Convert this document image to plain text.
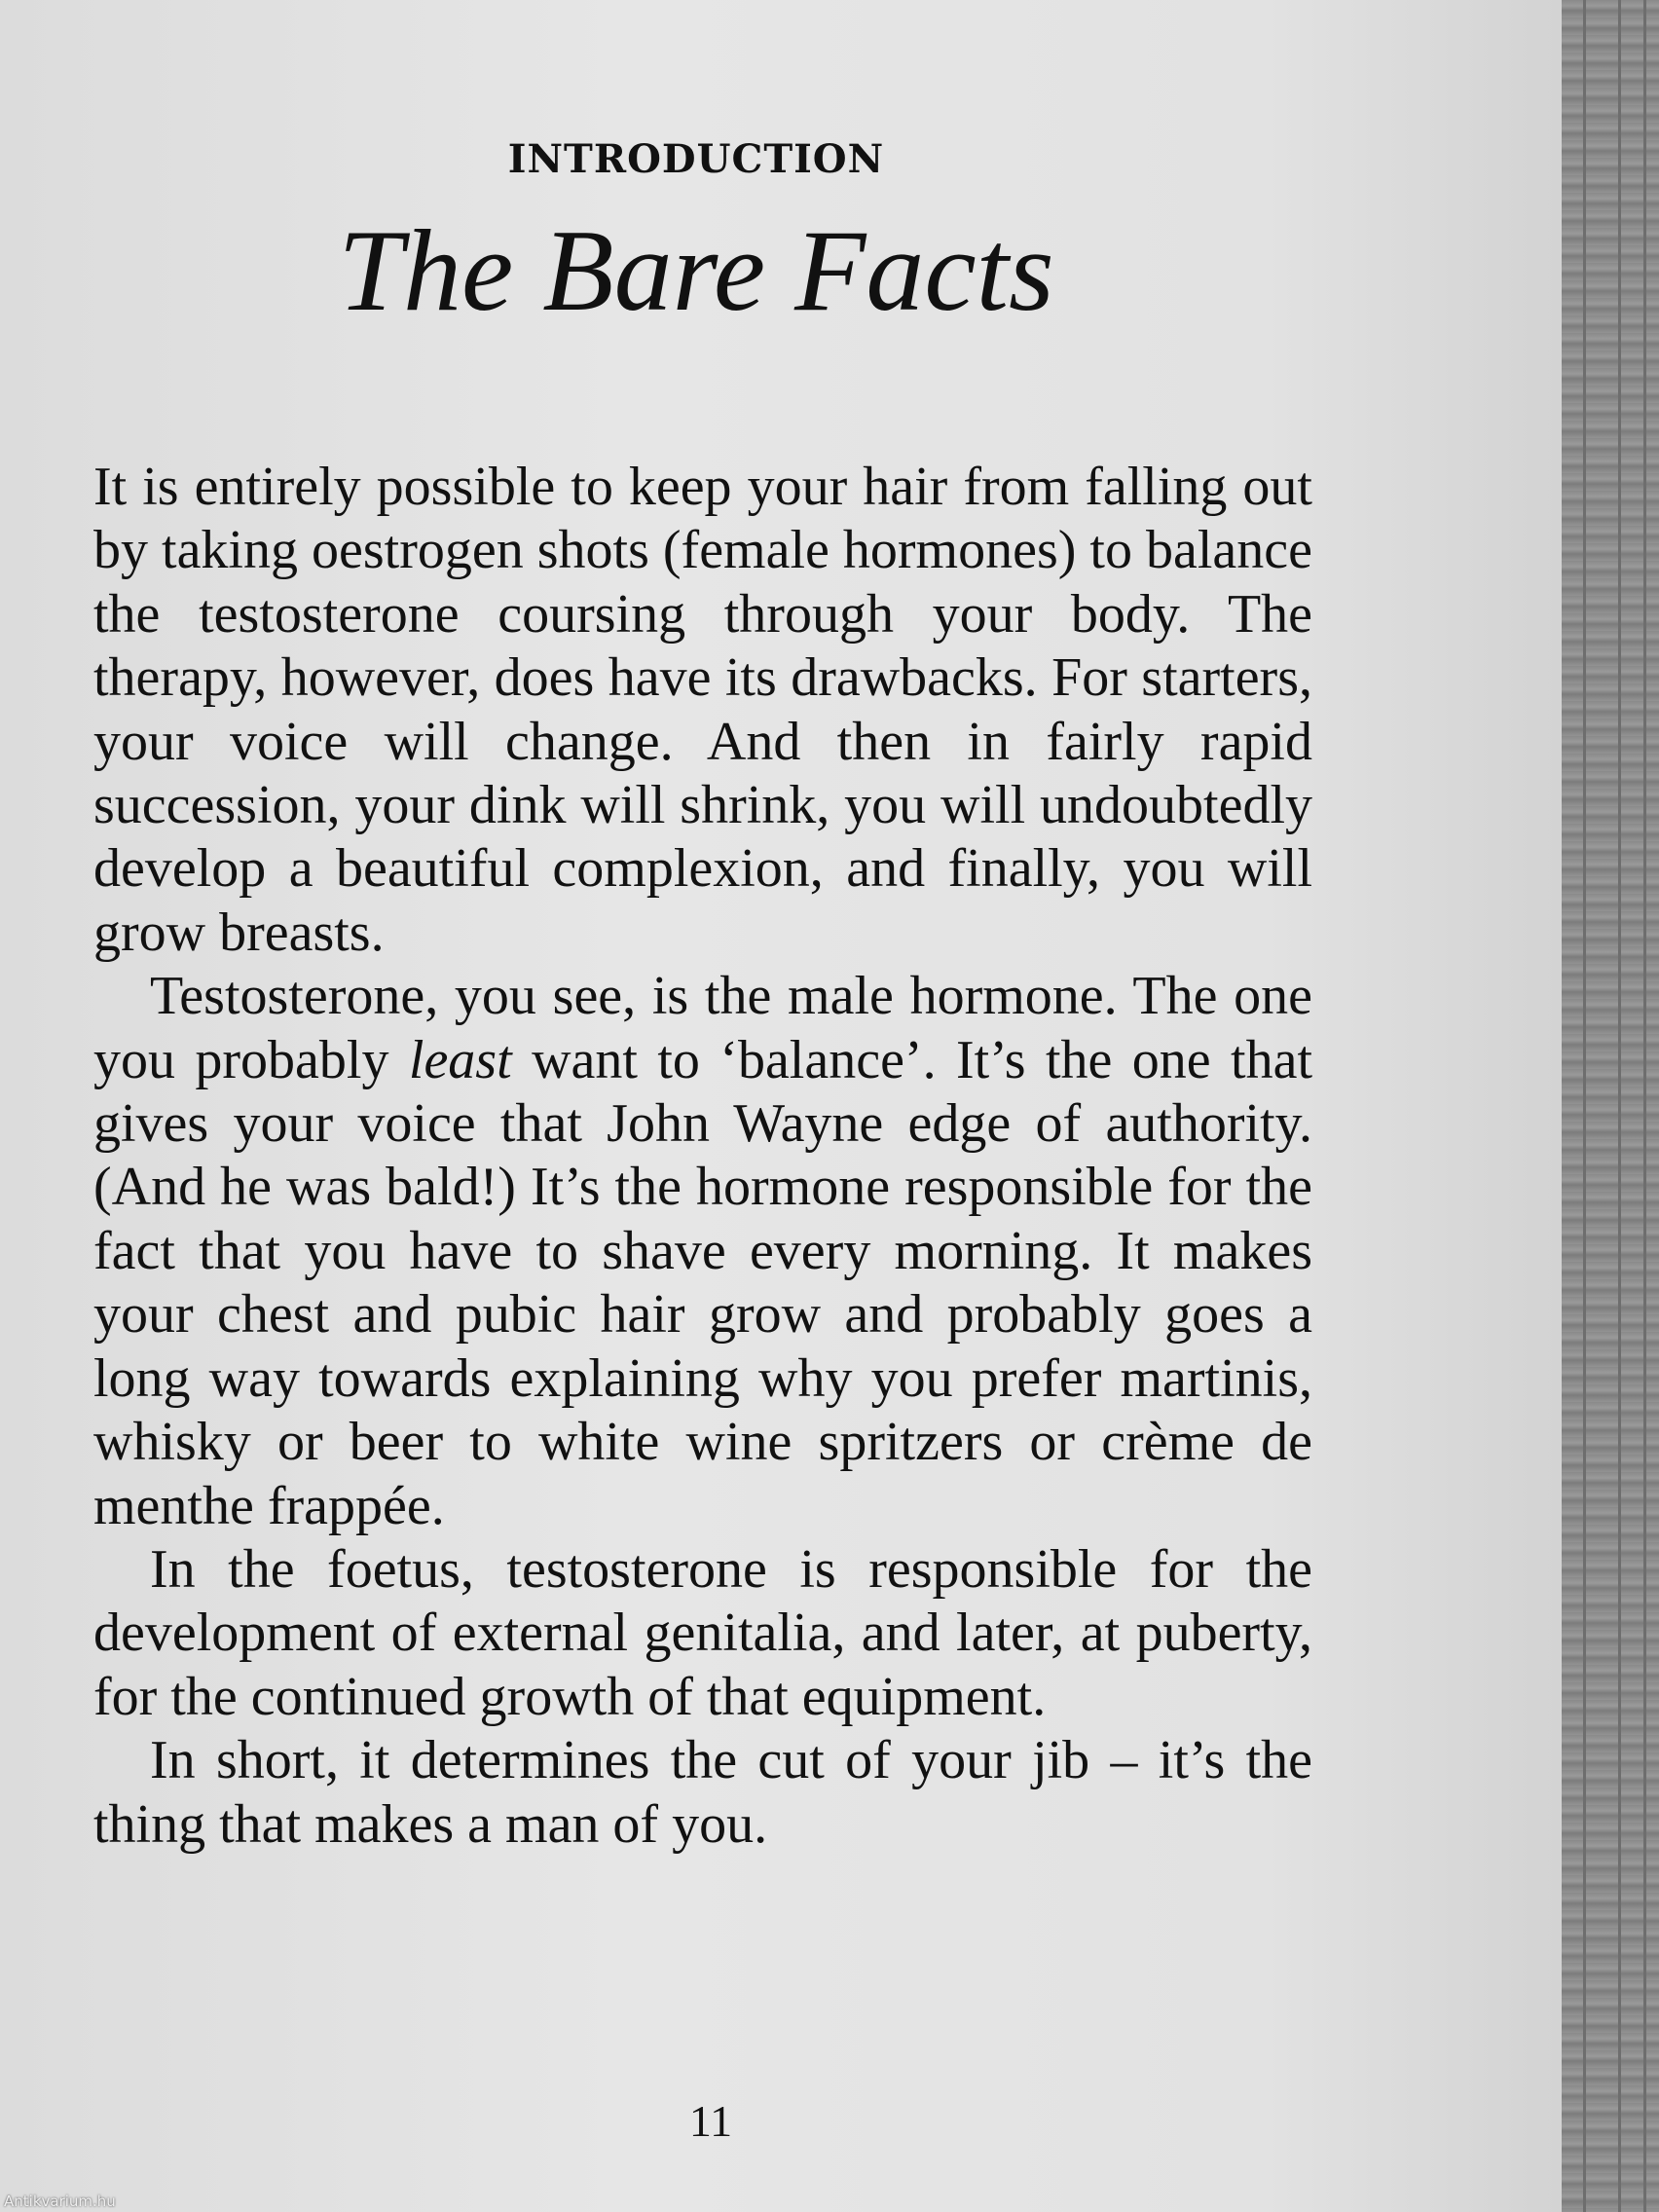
INTRODUCTION
The Bare Facts

It is entirely possible to keep your hair from falling out by taking oestrogen shots (female hormones) to balance the testosterone coursing through your body. The therapy, however, does have its drawbacks. For starters, your voice will change. And then in fairly rapid succession, your dink will shrink, you will undoubtedly develop a beautiful complexion, and finally, you will grow breasts.

Testosterone, you see, is the male hormone. The one you probably least want to ‘balance’. It’s the one that gives your voice that John Wayne edge of authority. (And he was bald!) It’s the hormone responsible for the fact that you have to shave every morning. It makes your chest and pubic hair grow and probably goes a long way towards explaining why you prefer martinis, whisky or beer to white wine spritzers or crème de menthe frappée.

In the foetus, testosterone is responsible for the development of external genitalia, and later, at puberty, for the continued growth of that equipment.

In short, it determines the cut of your jib – it’s the thing that makes a man of you.

11
Antikvarium.hu
